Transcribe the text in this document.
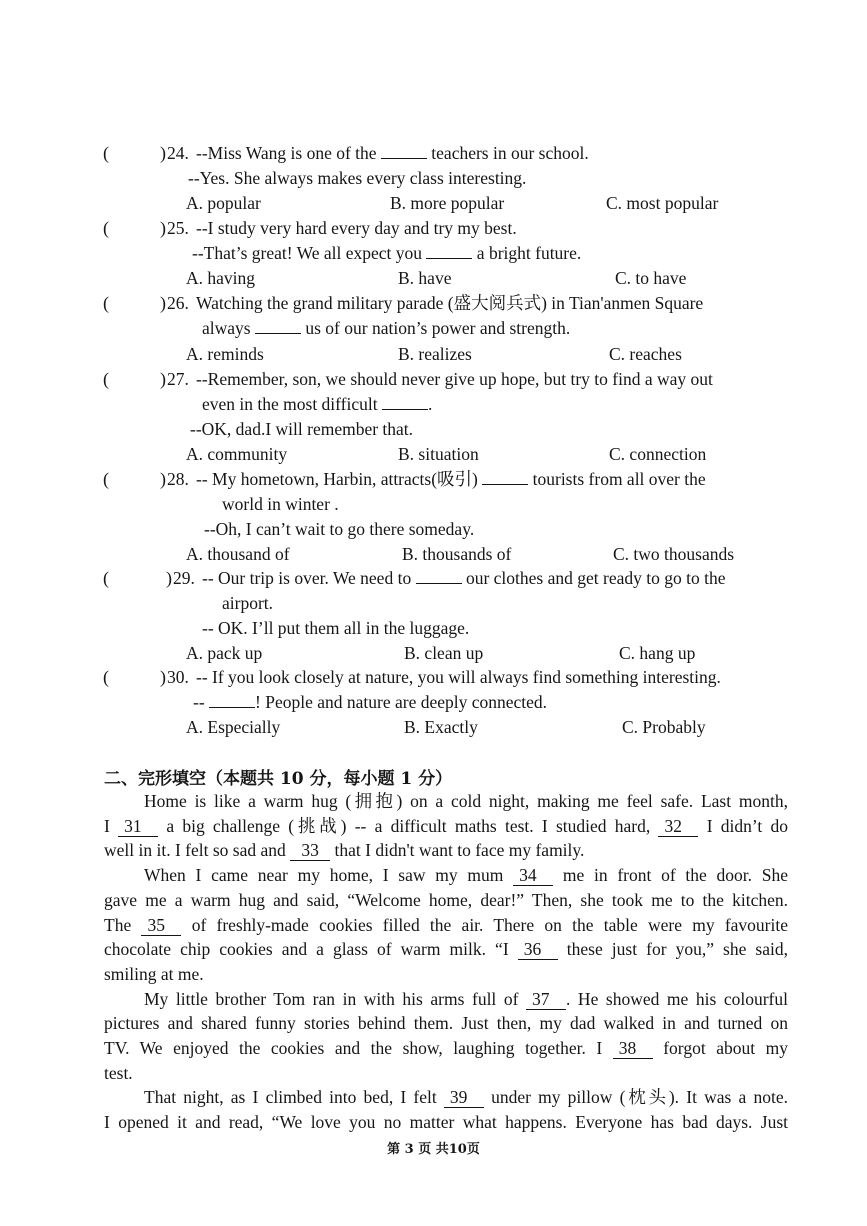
(	) 24. --Miss Wang is one of the	teachers in our school.
--Yes. She always makes every class interesting.
A. popular	B. more popular	C. most popular
(	) 25. --I study very hard every day and try my best.
--That’s great! We all expect you	a bright future.
A. having	B. have	C. to have
(	) 26. Watching the grand military parade (盛大阅兵式) in Tian'anmen Square
always	us of our nation’s power and strength.
A. reminds	B. realizes	C. reaches
(	) 27. --Remember, son, we should never give up hope, but try to find a way out
even in the most difficult	.
--OK, dad.I will remember that.
A. community	B. situation	C. connection
(	) 28. -- My hometown, Harbin, attracts(吸引)	tourists from all over the
world in winter .
--Oh, I can’t wait to go there someday.
A. thousand of	B. thousands of	C. two thousands
(	) 29. -- Our trip is over. We need to	our clothes and get ready to go to the
airport.
-- OK. I’ll put them all in the luggage.
A. pack up	B. clean up	C. hang up
(	) 30. -- If you look closely at nature, you will always find something interesting.
--	! People and nature are deeply connected.
A. Especially	B. Exactly	C. Probably
二、完形填空（本题共 10 分，每小题 1 分）
Home is like a warm hug (拥抱) on a cold night, making me feel safe. Last month,
I 31 a big challenge (挑战) -- a difficult maths test. I studied hard, 32 I didn’t do
well in it. I felt so sad and 33 that I didn't want to face my family.
When I came near my home, I saw my mum 34 me in front of the door. She
gave me a warm hug and said, “Welcome home, dear!” Then, she took me to the kitchen.
The 35 of freshly-made cookies filled the air. There on the table were my favourite
chocolate chip cookies and a glass of warm milk. “I 36 these just for you,” she said,
smiling at me.
My little brother Tom ran in with his arms full of 37 . He showed me his colourful
pictures and shared funny stories behind them. Just then, my dad walked in and turned on
TV. We enjoyed the cookies and the show, laughing together. I 38 forgot about my
test.
That night, as I climbed into bed, I felt 39 under my pillow (枕头). It was a note.
I opened it and read, “We love you no matter what happens. Everyone has bad days. Just
第 3 页 共10页
